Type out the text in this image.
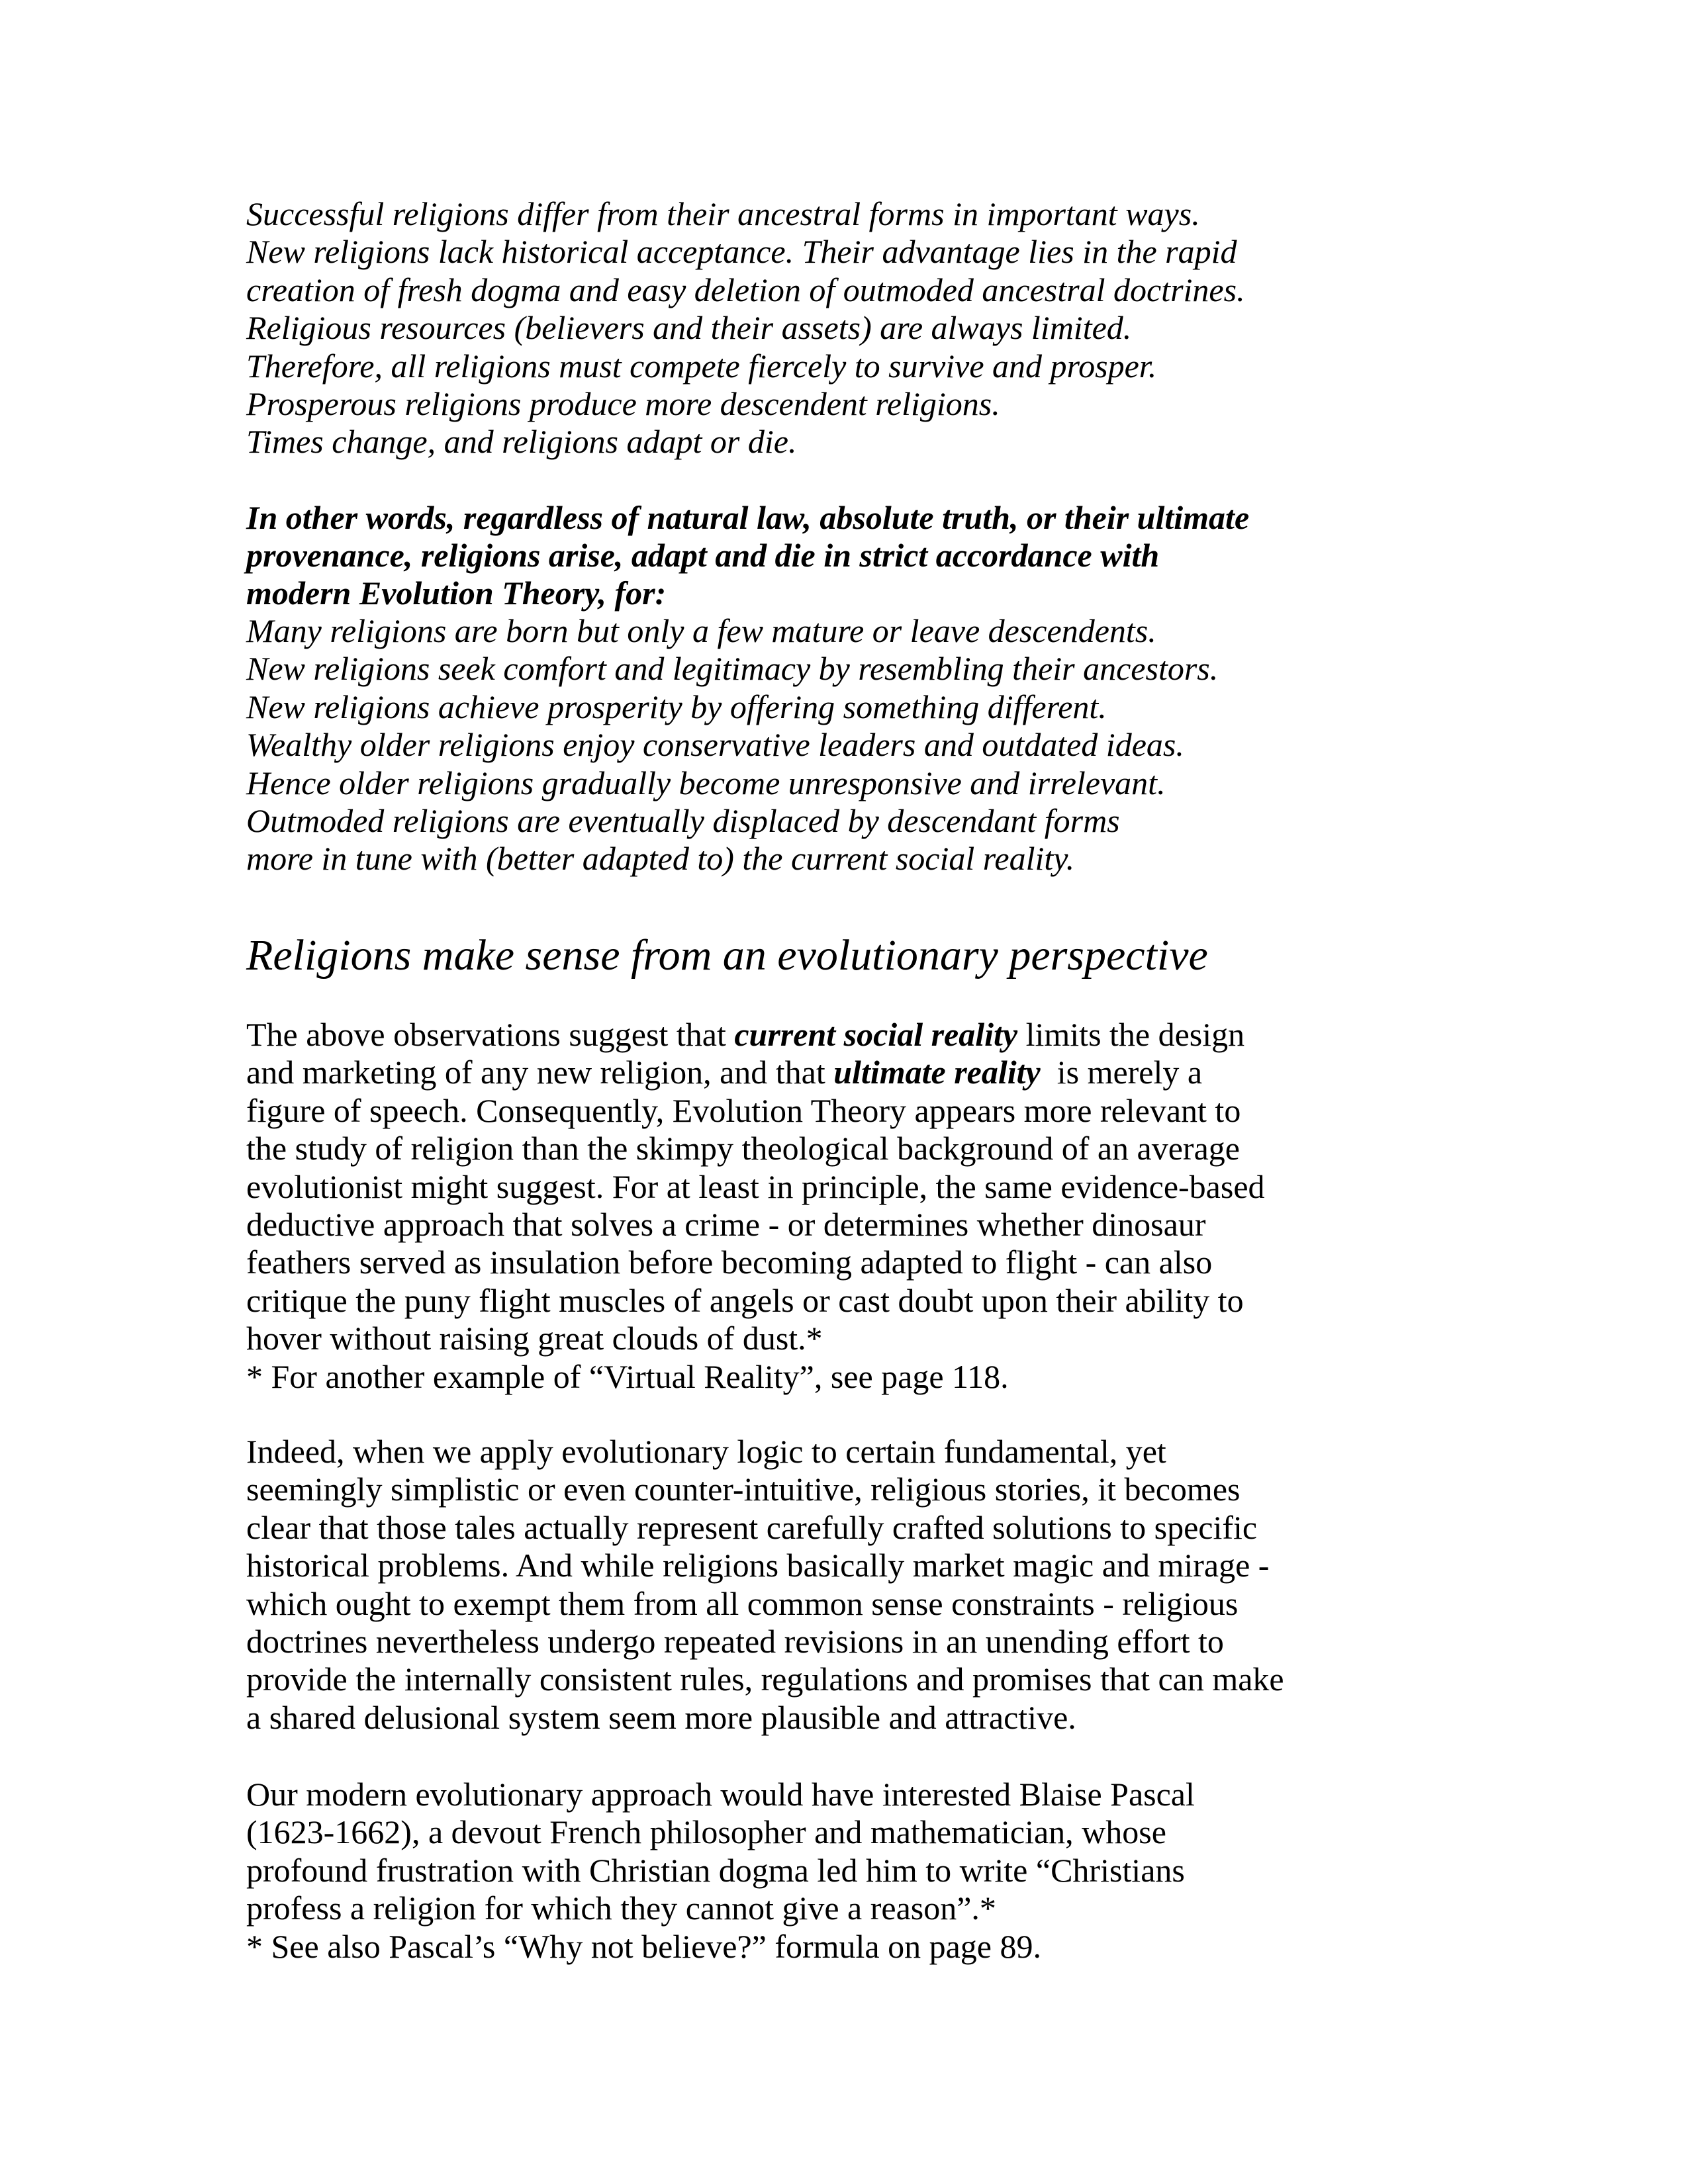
Successful religions differ from their ancestral forms in important ways.
New religions lack historical acceptance. Their advantage lies in the rapid
creation of fresh dogma and easy deletion of outmoded ancestral doctrines.
Religious resources (believers and their assets) are always limited.
Therefore, all religions must compete fiercely to survive and prosper.
Prosperous religions produce more descendent religions.
Times change, and religions adapt or die.

In other words, regardless of natural law, absolute truth, or their ultimate
provenance, religions arise, adapt and die in strict accordance with
modern Evolution Theory, for:

Many religions are born but only a few mature or leave descendents.
New religions seek comfort and legitimacy by resembling their ancestors.
New religions achieve prosperity by offering something different.
Wealthy older religions enjoy conservative leaders and outdated ideas.
Hence older religions gradually become unresponsive and irrelevant.
Outmoded religions are eventually displaced by descendant forms
more in tune with (better adapted to) the current social reality.

Religions make sense from an evolutionary perspective

The above observations suggest that current social reality limits the design
and marketing of any new religion, and that ultimate reality  is merely a
figure of speech. Consequently, Evolution Theory appears more relevant to
the study of religion than the skimpy theological background of an average
evolutionist might suggest. For at least in principle, the same evidence-based
deductive approach that solves a crime - or determines whether dinosaur
feathers served as insulation before becoming adapted to flight - can also
critique the puny flight muscles of angels or cast doubt upon their ability to
hover without raising great clouds of dust.*
* For another example of “Virtual Reality”, see page 118.

Indeed, when we apply evolutionary logic to certain fundamental, yet
seemingly simplistic or even counter-intuitive, religious stories, it becomes
clear that those tales actually represent carefully crafted solutions to specific
historical problems. And while religions basically market magic and mirage -
which ought to exempt them from all common sense constraints - religious
doctrines nevertheless undergo repeated revisions in an unending effort to
provide the internally consistent rules, regulations and promises that can make
a shared delusional system seem more plausible and attractive.

Our modern evolutionary approach would have interested Blaise Pascal
(1623-1662), a devout French philosopher and mathematician, whose
profound frustration with Christian dogma led him to write “Christians
profess a religion for which they cannot give a reason”.*
* See also Pascal’s “Why not believe?” formula on page 89.
